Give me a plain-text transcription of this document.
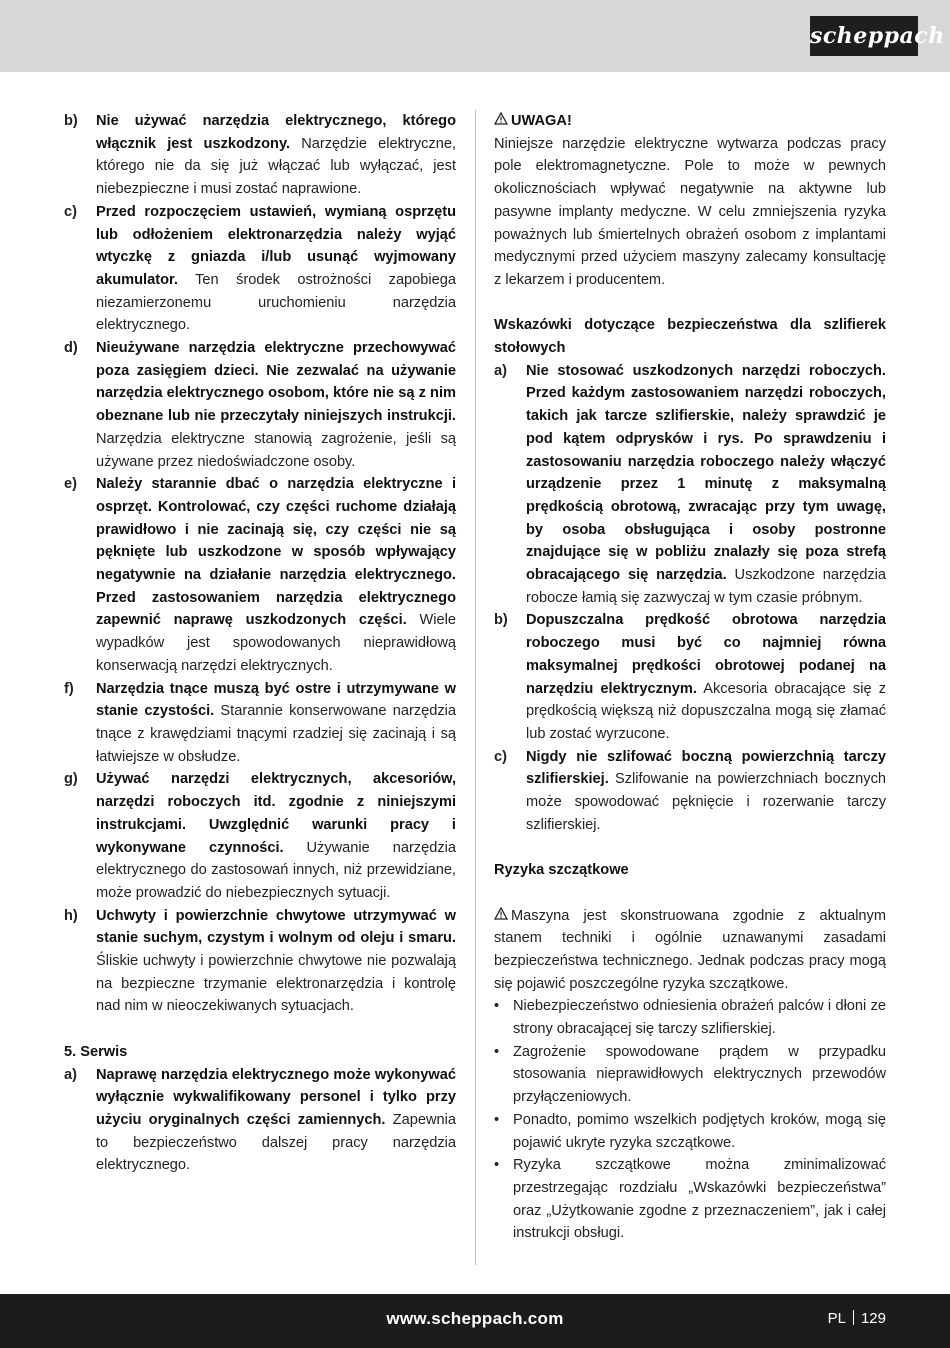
scheppach
b)	Nie używać narzędzia elektrycznego, którego włącznik jest uszkodzony. Narzędzie elektryczne, którego nie da się już włączać lub wyłączać, jest niebezpieczne i musi zostać naprawione.
c)	Przed rozpoczęciem ustawień, wymianą osprzętu lub odłożeniem elektronarzędzia należy wyjąć wtyczkę z gniazda i/lub usunąć wyjmowany akumulator. Ten środek ostrożności zapobiega niezamierzonemu uruchomieniu narzędzia elektrycznego.
d)	Nieużywane narzędzia elektryczne przechowywać poza zasięgiem dzieci. Nie zezwalać na używanie narzędzia elektrycznego osobom, które nie są z nim obeznane lub nie przeczytały niniejszych instrukcji. Narzędzia elektryczne stanowią zagrożenie, jeśli są używane przez niedoświadczone osoby.
e)	Należy starannie dbać o narzędzia elektryczne i osprzęt. Kontrolować, czy części ruchome działają prawidłowo i nie zacinają się, czy części nie są pęknięte lub uszkodzone w sposób wpływający negatywnie na działanie narzędzia elektrycznego. Przed zastosowaniem narzędzia elektrycznego zapewnić naprawę uszkodzonych części. Wiele wypadków jest spowodowanych nieprawidłową konserwacją narzędzi elektrycznych.
f)	Narzędzia tnące muszą być ostre i utrzymywane w stanie czystości. Starannie konserwowane narzędzia tnące z krawędziami tnącymi rzadziej się zacinają i są łatwiejsze w obsłudze.
g)	Używać narzędzi elektrycznych, akcesoriów, narzędzi roboczych itd. zgodnie z niniejszymi instrukcjami. Uwzględnić warunki pracy i wykonywane czynności. Używanie narzędzia elektrycznego do zastosowań innych, niż przewidziane, może prowadzić do niebezpiecznych sytuacji.
h)	Uchwyty i powierzchnie chwytowe utrzymywać w stanie suchym, czystym i wolnym od oleju i smaru. Śliskie uchwyty i powierzchnie chwytowe nie pozwalają na bezpieczne trzymanie elektronarzędzia i kontrolę nad nim w nieoczekiwanych sytuacjach.

5. Serwis

a)	Naprawę narzędzia elektrycznego może wykonywać wyłącznie wykwalifikowany personel i tylko przy użyciu oryginalnych części zamiennych. Zapewnia to bezpieczeństwo dalszej pracy narzędzia elektrycznego.

UWAGA!

Niniejsze narzędzie elektryczne wytwarza podczas pracy pole elektromagnetyczne. Pole to może w pewnych okolicznościach wpływać negatywnie na aktywne lub pasywne implanty medyczne. W celu zmniejszenia ryzyka poważnych lub śmiertelnych obrażeń osobom z implantami medycznymi przed użyciem maszyny zalecamy konsultację z lekarzem i producentem.

Wskazówki dotyczące bezpieczeństwa dla szlifierek stołowych

a)	Nie stosować uszkodzonych narzędzi roboczych. Przed każdym zastosowaniem narzędzi roboczych, takich jak tarcze szlifierskie, należy sprawdzić je pod kątem odprysków i rys. Po sprawdzeniu i zastosowaniu narzędzia roboczego należy włączyć urządzenie przez 1 minutę z maksymalną prędkością obrotową, zwracając przy tym uwagę, by osoba obsługująca i osoby postronne znajdujące się w pobliżu znalazły się poza strefą obracającego się narzędzia. Uszkodzone narzędzia robocze łamią się zazwyczaj w tym czasie próbnym.
b)	Dopuszczalna prędkość obrotowa narzędzia roboczego musi być co najmniej równa maksymalnej prędkości obrotowej podanej na narzędziu elektrycznym. Akcesoria obracające się z prędkością większą niż dopuszczalna mogą się złamać lub zostać wyrzucone.
c)	Nigdy nie szlifować boczną powierzchnią tarczy szlifierskiej. Szlifowanie na powierzchniach bocznych może spowodować pęknięcie i rozerwanie tarczy szlifierskiej.

Ryzyka szczątkowe

Maszyna jest skonstruowana zgodnie z aktualnym stanem techniki i ogólnie uznawanymi zasadami bezpieczeństwa technicznego. Jednak podczas pracy mogą się pojawić poszczególne ryzyka szczątkowe.

• Niebezpieczeństwo odniesienia obrażeń palców i dłoni ze strony obracającej się tarczy szlifierskiej.
• Zagrożenie spowodowane prądem w przypadku stosowania nieprawidłowych elektrycznych przewodów przyłączeniowych.
• Ponadto, pomimo wszelkich podjętych kroków, mogą się pojawić ukryte ryzyka szczątkowe.
• Ryzyka szczątkowe można zminimalizować przestrzegając rozdziału „Wskazówki bezpieczeństwa” oraz „Użytkowanie zgodne z przeznaczeniem”, jak i całej instrukcji obsługi.
www.scheppach.com	PL 129
